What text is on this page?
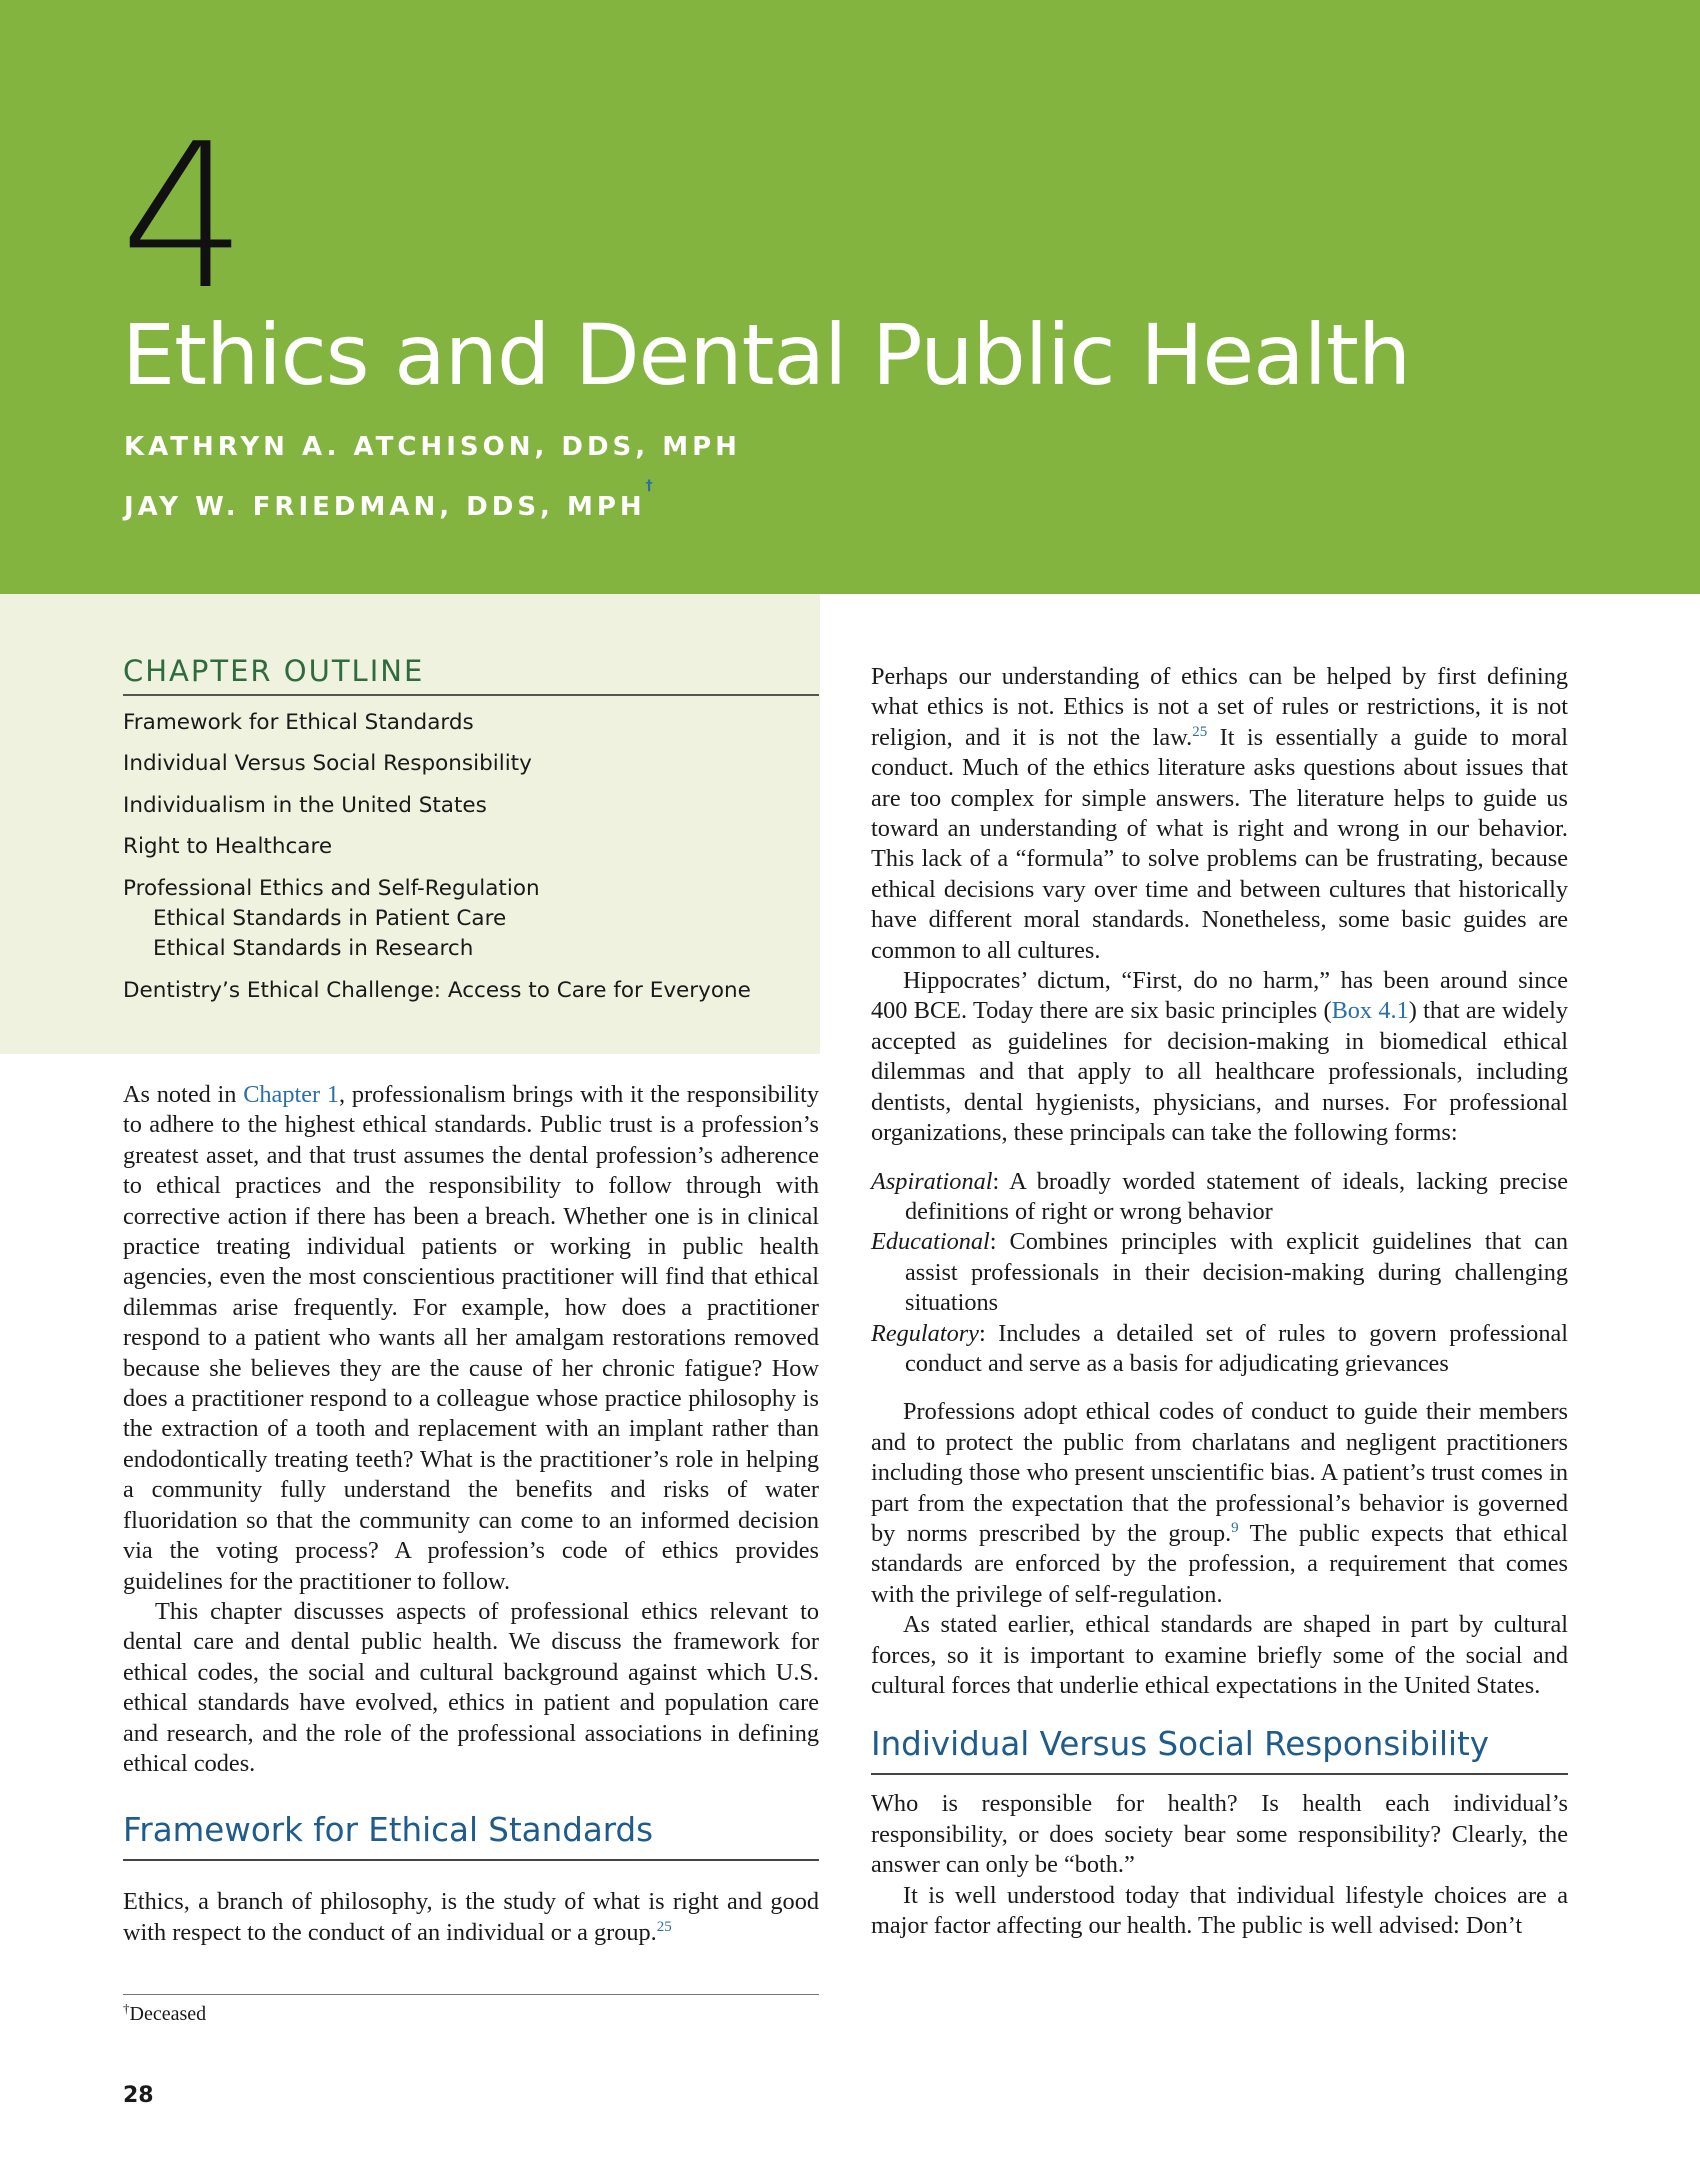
4
Ethics and Dental Public Health

KATHRYN A. ATCHISON, DDS, MPH

JAY W. FRIEDMAN, DDS, MPH†

CHAPTER OUTLINE
Framework for Ethical Standards
Individual Versus Social Responsibility
Individualism in the United States
Right to Healthcare
Professional Ethics and Self-Regulation
Ethical Standards in Patient Care
Ethical Standards in Research
Dentistry’s Ethical Challenge: Access to Care for Everyone

As noted in Chapter 1, professionalism brings with it the responsibility to adhere to the highest ethical standards. Public trust is a profession’s greatest asset, and that trust assumes the dental profession’s adherence to ethical practices and the responsibility to follow through with corrective action if there has been a breach. Whether one is in clinical practice treating individual patients or working in public health agencies, even the most conscientious practitioner will find that ethical dilemmas arise frequently. For example, how does a practitioner respond to a patient who wants all her amalgam restorations removed because she believes they are the cause of her chronic fatigue? How does a practitioner respond to a colleague whose practice philosophy is the extraction of a tooth and replacement with an implant rather than endodontically treating teeth? What is the practitioner’s role in helping a community fully understand the benefits and risks of water fluoridation so that the community can come to an informed decision via the voting process? A profession’s code of ethics provides guidelines for the practitioner to follow.

This chapter discusses aspects of professional ethics relevant to dental care and dental public health. We discuss the framework for ethical codes, the social and cultural background against which U.S. ethical standards have evolved, ethics in patient and population care and research, and the role of the professional associations in defining ethical codes.

Framework for Ethical Standards

Ethics, a branch of philosophy, is the study of what is right and good with respect to the conduct of an individual or a group.$^{25}$

Perhaps our understanding of ethics can be helped by first defining what ethics is not. Ethics is not a set of rules or restrictions, it is not religion, and it is not the law.$^{25}$ It is essentially a guide to moral conduct. Much of the ethics literature asks questions about issues that are too complex for simple answers. The literature helps to guide us toward an understanding of what is right and wrong in our behavior. This lack of a “formula” to solve problems can be frustrating, because ethical decisions vary over time and between cultures that historically have different moral standards. Nonetheless, some basic guides are common to all cultures.

Hippocrates’ dictum, “First, do no harm,” has been around since 400 BCE. Today there are six basic principles (Box 4.1) that are widely accepted as guidelines for decision-making in biomedical ethical dilemmas and that apply to all healthcare professionals, including dentists, dental hygienists, physicians, and nurses. For professional organizations, these principals can take the following forms:

Aspirational: A broadly worded statement of ideals, lacking precise definitions of right or wrong behavior

Educational: Combines principles with explicit guidelines that can assist professionals in their decision-making during challenging situations

Regulatory: Includes a detailed set of rules to govern professional conduct and serve as a basis for adjudicating grievances

Professions adopt ethical codes of conduct to guide their members and to protect the public from charlatans and negligent practitioners including those who present unscientific bias. A patient’s trust comes in part from the expectation that the professional’s behavior is governed by norms prescribed by the group.$^9$ The public expects that ethical standards are enforced by the profession, a requirement that comes with the privilege of self-regulation.

As stated earlier, ethical standards are shaped in part by cultural forces, so it is important to examine briefly some of the social and cultural forces that underlie ethical expectations in the United States.

Individual Versus Social Responsibility

Who is responsible for health? Is health each individual’s responsibility, or does society bear some responsibility? Clearly, the answer can only be “both.”

It is well understood today that individual lifestyle choices are a major factor affecting our health. The public is well advised: Don’t

†Deceased
28
